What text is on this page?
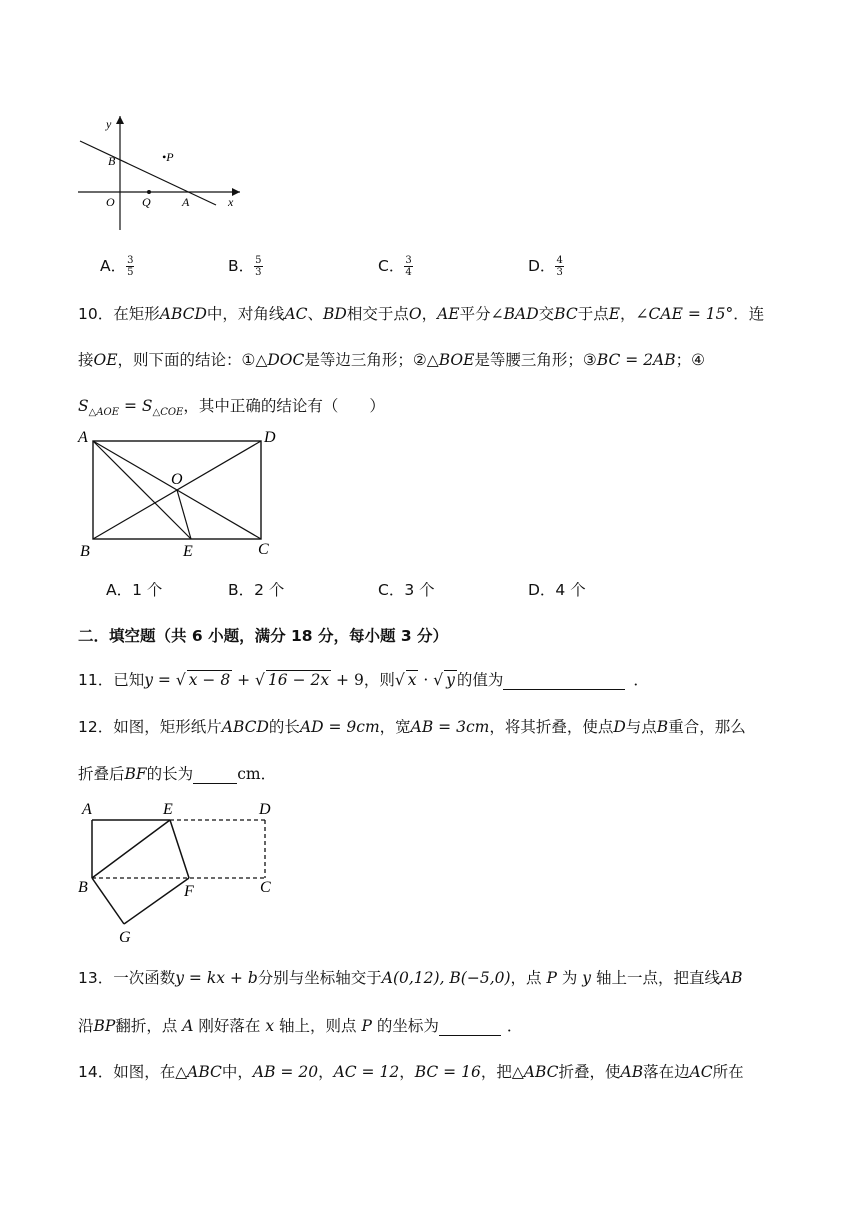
y
B	•P
O Q	A	x
A． $\frac{3}{5}$	B． $\frac{5}{3}$	C． $\frac{3}{4}$	D． $\frac{4}{3}$
10．在矩形ABCD中，对角线AC、BD相交于点O，AE平分∠BAD交BC于点E，∠CAE = 15°．连
接OE，则下面的结论：①△DOC是等边三角形；②△BOE是等腰三角形；③BC = 2AB；④
$S_{\triangle AOE} = S_{\triangle COE}$，其中正确的结论有（　　）
A	D
O
B	E	C
A．1 个	B．2 个	C．3 个	D．4 个
二．填空题（共 6 小题，满分 18 分，每小题 3 分）
11．已知y = √ x − 8 + √ 16 − 2x + 9，则√ x · √ y 的值为	．
12．如图，矩形纸片ABCD的长AD = 9cm，宽AB = 3cm，将其折叠，使点D与点B重合，那么
折叠后BF的长为	cm．
A	E	D
B	F	C
G
13．一次函数y = kx + b分别与坐标轴交于A(0,12), B(−5,0)，点 P 为 y 轴上一点，把直线AB
沿BP翻折，点 A 刚好落在 x 轴上，则点 P 的坐标为	．
14．如图，在△ABC中，AB = 20，AC = 12，BC = 16，把△ABC折叠，使AB落在边AC所在
